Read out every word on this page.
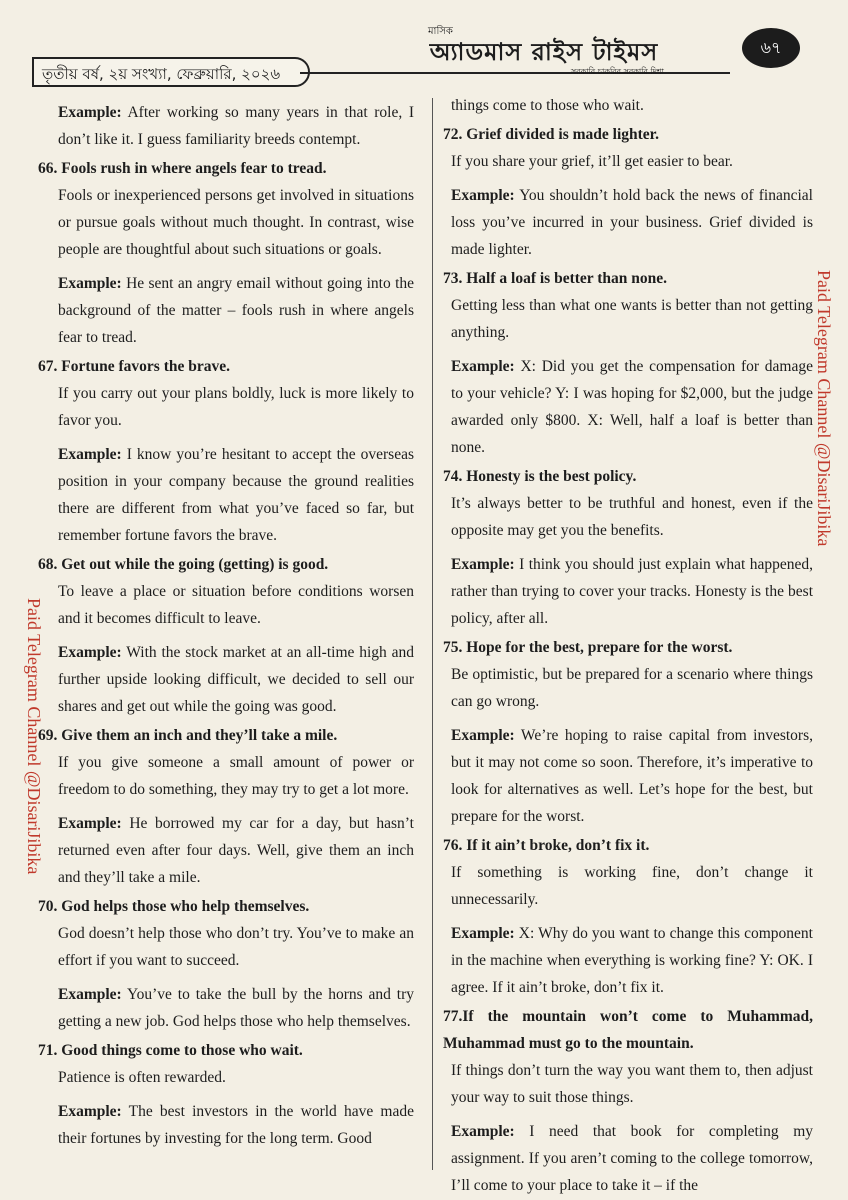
তৃতীয় বর্ষ, ২য় সংখ্যা, ফেব্রুয়ারি, ২০২৬
মাসিক
অ্যাডমাস রাইস টাইমস
সরকারি চাকরির সরকারি দিশা
৬৭

Example: After working so many years in that role, I don’t like it. I guess familiarity breeds contempt.

66. Fools rush in where angels fear to tread.

Fools or inexperienced persons get involved in situations or pursue goals without much thought. In contrast, wise people are thoughtful about such situations or goals.

Example: He sent an angry email without going into the background of the matter – fools rush in where angels fear to tread.

67. Fortune favors the brave.

If you carry out your plans boldly, luck is more likely to favor you.

Example: I know you’re hesitant to accept the overseas position in your company because the ground realities there are different from what you’ve faced so far, but remember fortune favors the brave.

68. Get out while the going (getting) is good.

To leave a place or situation before conditions worsen and it becomes difficult to leave.

Example: With the stock market at an all-time high and further upside looking difficult, we decided to sell our shares and get out while the going was good.

69. Give them an inch and they’ll take a mile.

If you give someone a small amount of power or freedom to do something, they may try to get a lot more.

Example: He borrowed my car for a day, but hasn’t returned even after four days. Well, give them an inch and they’ll take a mile.

70. God helps those who help themselves.

God doesn’t help those who don’t try. You’ve to make an effort if you want to succeed.

Example: You’ve to take the bull by the horns and try getting a new job. God helps those who help themselves.

71. Good things come to those who wait.

Patience is often rewarded.

Example: The best investors in the world have made their fortunes by investing for the long term. Good

things come to those who wait.

72. Grief divided is made lighter.

If you share your grief, it’ll get easier to bear.

Example: You shouldn’t hold back the news of financial loss you’ve incurred in your business. Grief divided is made lighter.

73. Half a loaf is better than none.

Getting less than what one wants is better than not getting anything.

Example: X: Did you get the compensation for damage to your vehicle? Y: I was hoping for $2,000, but the judge awarded only $800. X: Well, half a loaf is better than none.

74. Honesty is the best policy.

It’s always better to be truthful and honest, even if the opposite may get you the benefits.

Example: I think you should just explain what happened, rather than trying to cover your tracks. Honesty is the best policy, after all.

75. Hope for the best, prepare for the worst.

Be optimistic, but be prepared for a scenario where things can go wrong.

Example: We’re hoping to raise capital from investors, but it may not come so soon. Therefore, it’s imperative to look for alternatives as well. Let’s hope for the best, but prepare for the worst.

76. If it ain’t broke, don’t fix it.

If something is working fine, don’t change it unnecessarily.

Example: X: Why do you want to change this component in the machine when everything is working fine? Y: OK. I agree. If it ain’t broke, don’t fix it.

77.If the mountain won’t come to Muhammad, Muhammad must go to the mountain.

If things don’t turn the way you want them to, then adjust your way to suit those things.

Example: I need that book for completing my assignment. If you aren’t coming to the college tomorrow, I’ll come to your place to take it – if the

Paid Telegram Channel @DisariJibika
Paid Telegram Channel @DisariJibika
